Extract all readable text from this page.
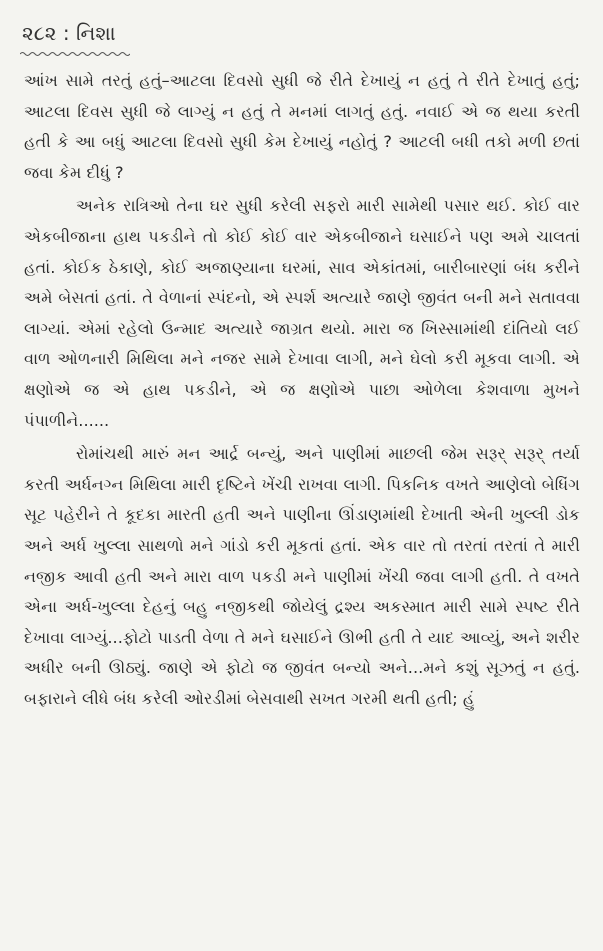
૨૮૨ : નિશા

આંખ સામે તરતું હતું–આટલા દિવસો સુધી જે રીતે દેખાયું ન હતું તે રીતે દેખાતું હતું; આટલા દિવસ સુધી જે લાગ્યું ન હતું તે મનમાં લાગતું હતું. નવાઈ એ જ થયા કરતી હતી કે આ બધું આટલા દિવસો સુધી કેમ દેખાયું નહોતું ? આટલી બધી તકો મળી છતાં જવા કેમ દીધું ?

અનેક રાત્રિઓ તેના ઘર સુધી કરેલી સફરો મારી સામેથી પસાર થઈ. કોઈ વાર એકબીજાના હાથ પકડીને તો કોઈ કોઈ વાર એકબીજાને ઘસાઈને પણ અમે ચાલતાં હતાં. કોઈક ઠેકાણે, કોઈ અજાણ્યાના ઘરમાં, સાવ એકાંતમાં, બારીબારણાં બંધ કરીને અમે બેસતાં હતાં. તે વેળાનાં સ્પંદનો, એ સ્પર્શ અત્યારે જાણે જીવંત બની મને સતાવવા લાગ્યાં. એમાં રહેલો ઉન્માદ અત્યારે જાગ્રત થયો. મારા જ ખિસ્સામાંથી દાંતિયો લઈ વાળ ઓળનારી મિથિલા મને નજર સામે દેખાવા લાગી, મને ઘેલો કરી મૂકવા લાગી. એ ક્ષણોએ જ એ હાથ પકડીને, એ જ ક્ષણોએ પાછા ઓળેલા કેશવાળા મુખને પંપાળીને......

રોમાંચથી મારું મન આર્દ્ર બન્યું, અને પાણીમાં માછલી જેમ સરૂર્ સરૂર્ તર્યા કરતી અર્ધનગ્ન મિથિલા મારી દૃષ્ટિને ખેંચી રાખવા લાગી. પિકનિક વખતે આણેલો બેધિંગ સૂટ પહેરીને તે કૂદકા મારતી હતી અને પાણીના ઊંડાણમાંથી દેખાતી એની ખુલ્લી ડોક અને અર્ધ ખુલ્લા સાથળો મને ગાંડો કરી મૂકતાં હતાં. એક વાર તો તરતાં તરતાં તે મારી નજીક આવી હતી અને મારા વાળ પકડી મને પાણીમાં ખેંચી જવા લાગી હતી. તે વખતે એના અર્ધ-ખુલ્લા દેહનું બહુ નજીકથી જોયેલું દ્રશ્ય અકસ્માત મારી સામે સ્પષ્ટ રીતે દેખાવા લાગ્યું...ફોટો પાડતી વેળા તે મને ઘસાઈને ઊભી હતી તે યાદ આવ્યું, અને શરીર અધીર બની ઊઠ્યું. જાણે એ ફોટો જ જીવંત બન્યો અને...મને કશું સૂઝતું ન હતું. બફારાને લીધે બંધ કરેલી ઓરડીમાં બેસવાથી સખત ગરમી થતી હતી; હું
